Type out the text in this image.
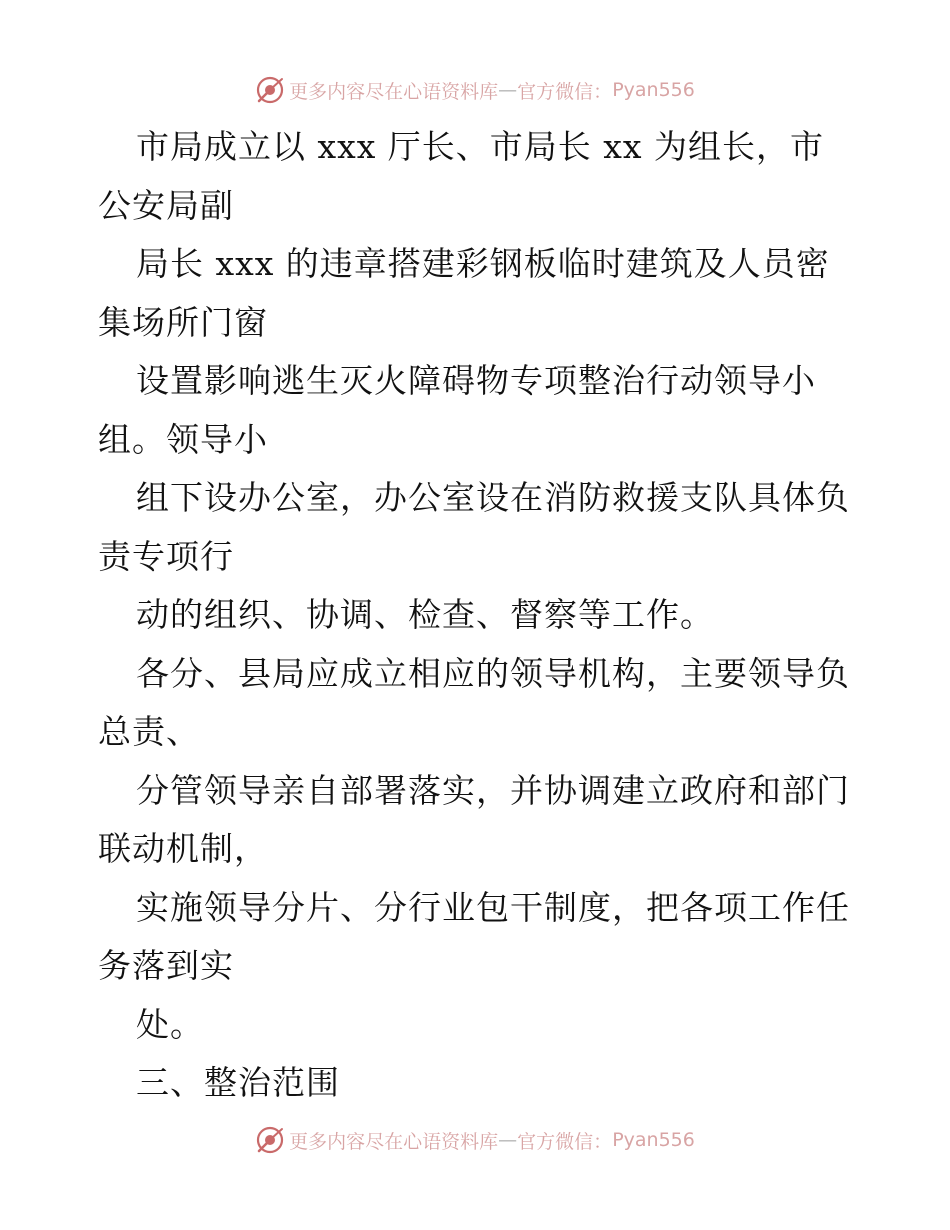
更多内容尽在心语资料库 — 官方微信： Pyan556
市局成立以 xxx 厅长、市局长 xx 为组长，市
公安局副
局长 xxx 的违章搭建彩钢板临时建筑及人员密
集场所门窗
设置影响逃生灭火障碍物专项整治行动领导小
组。领导小
组下设办公室，办公室设在消防救援支队具体负
责专项行
动的组织、协调、检查、督察等工作。
各分、县局应成立相应的领导机构，主要领导负
总责、
分管领导亲自部署落实，并协调建立政府和部门
联动机制，
实施领导分片、分行业包干制度，把各项工作任
务落到实
处。
三、整治范围
更多内容尽在心语资料库 — 官方微信： Pyan556
